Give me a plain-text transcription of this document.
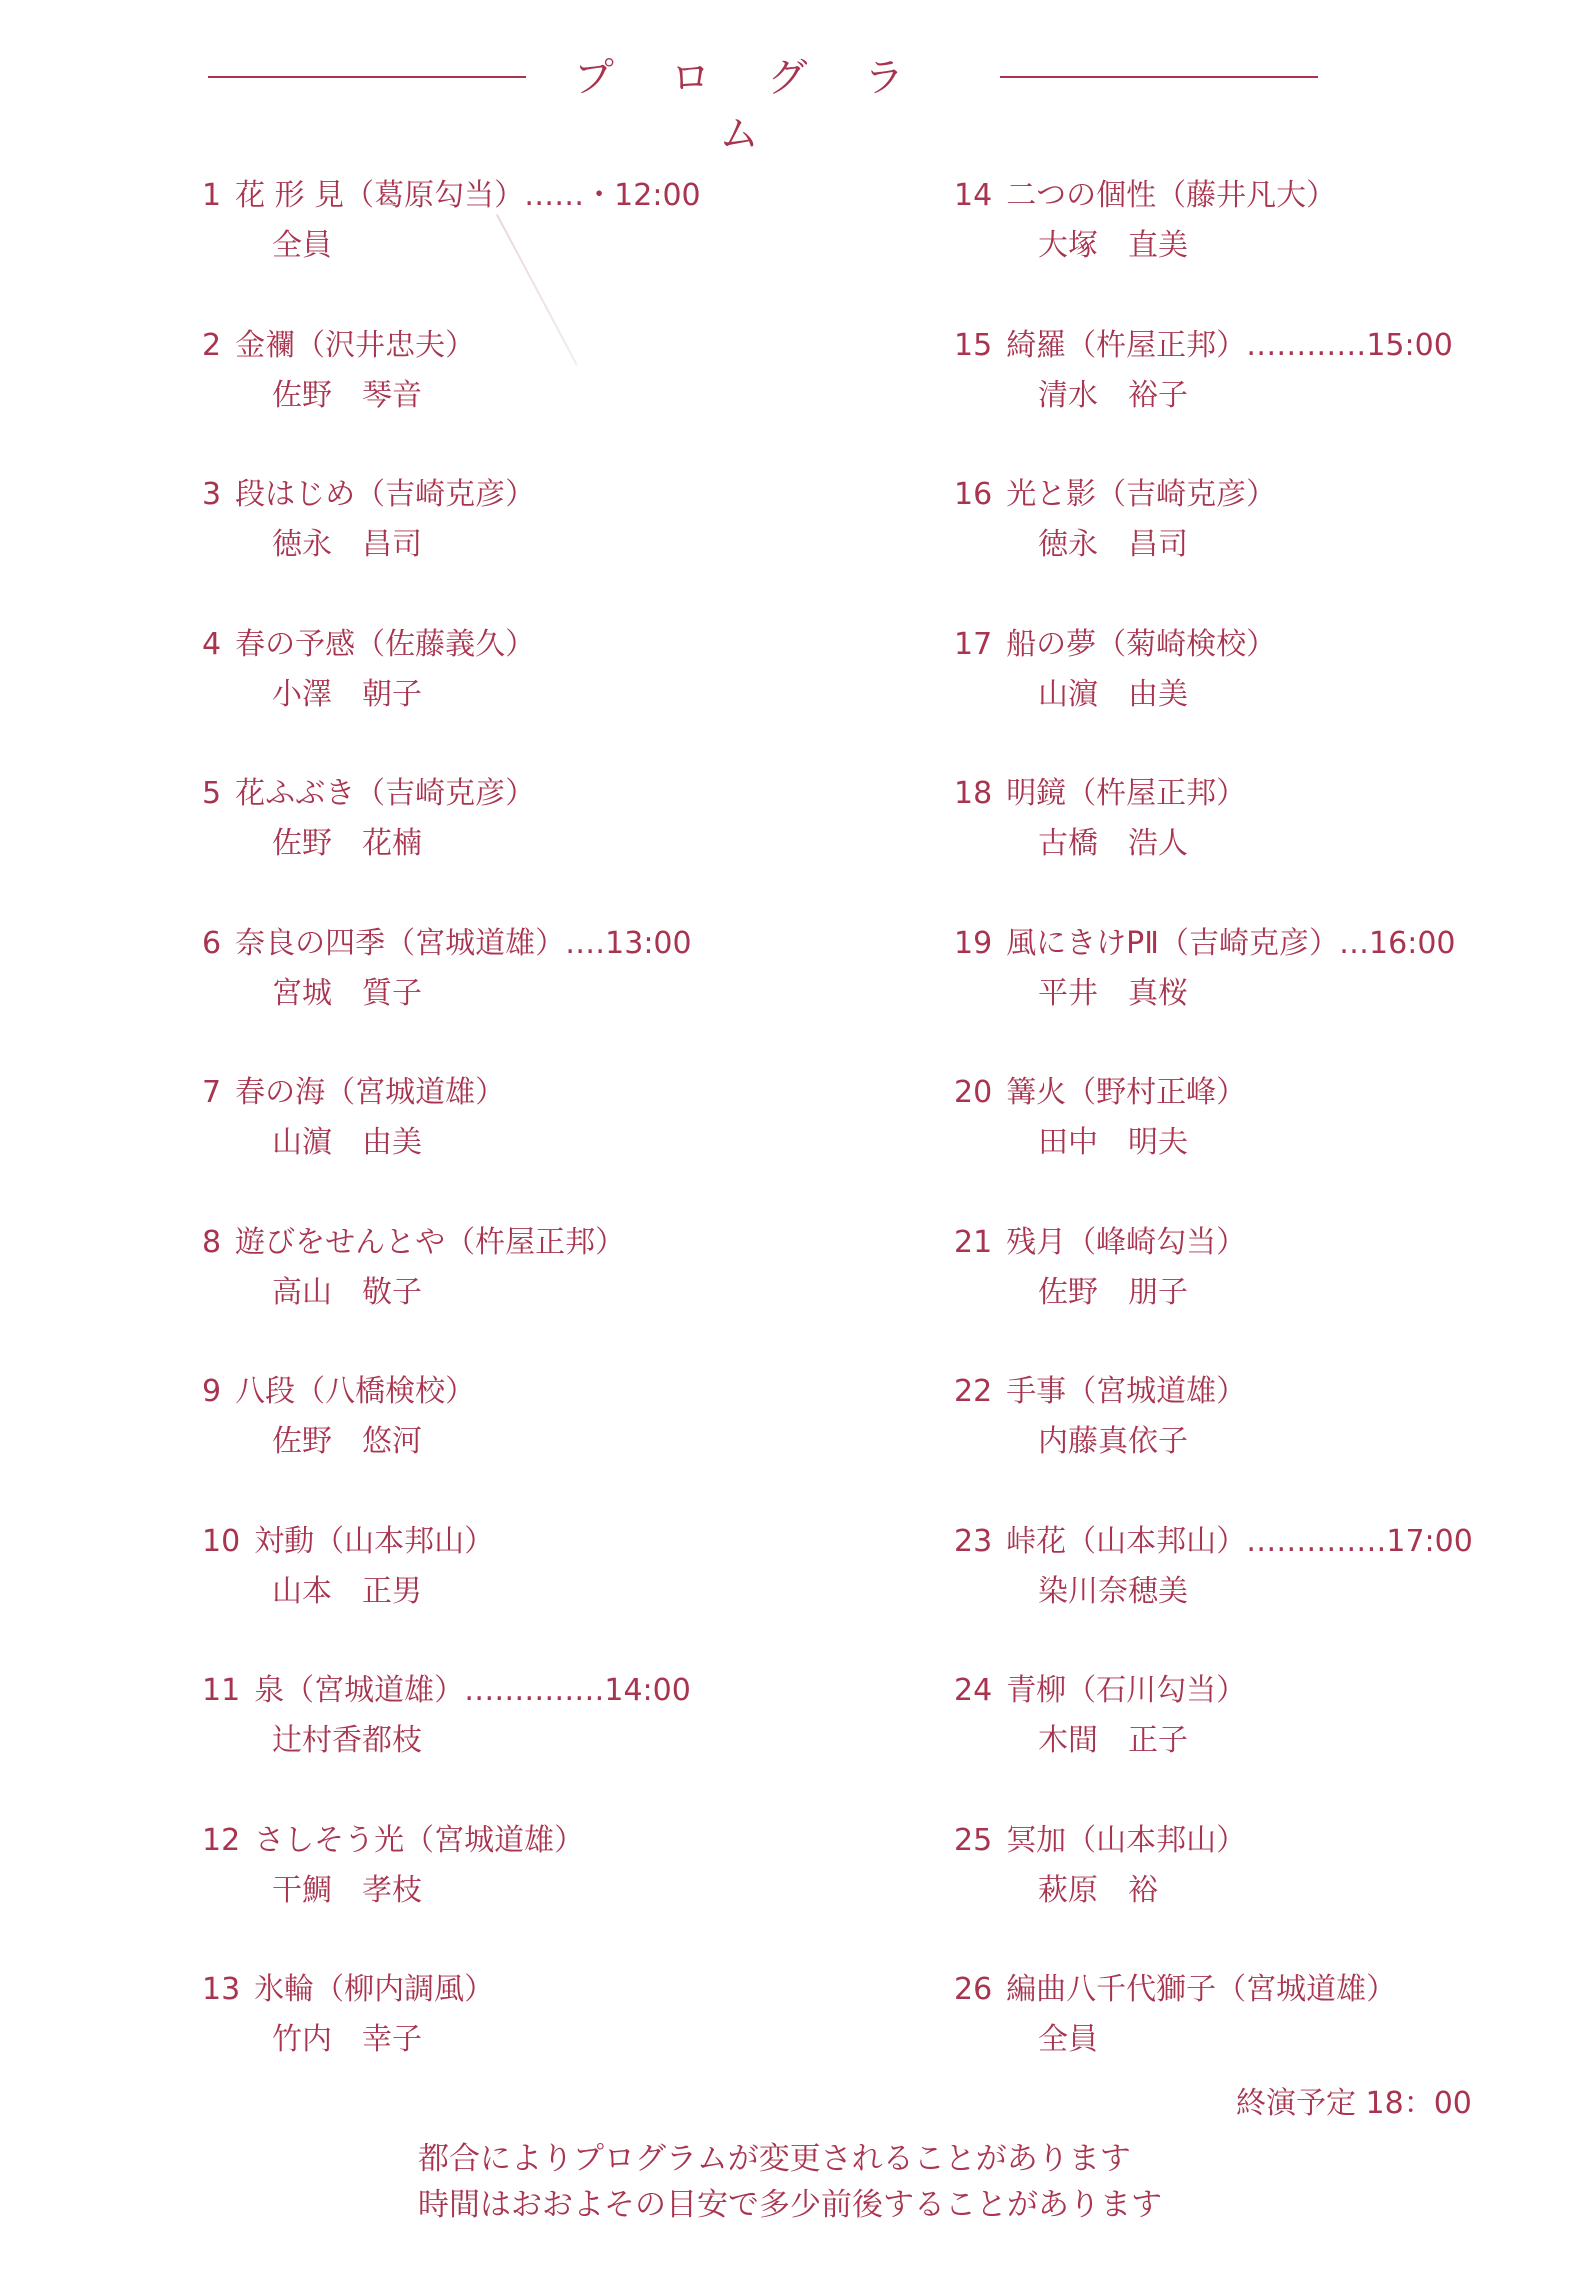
プ ロ グ ラ ム
1 花 形 見（葛原勾当）……・12:00
全員
2 金襴（沢井忠夫）
佐野　琴音
3 段はじめ（吉崎克彦）
徳永　昌司
4 春の予感（佐藤義久）
小澤　朝子
5 花ふぶき（吉崎克彦）
佐野　花楠
6 奈良の四季（宮城道雄）‥‥13:00
宮城　質子
7 春の海（宮城道雄）
山濵　由美
8 遊びをせんとや（杵屋正邦）
高山　敬子
9 八段（八橋検校）
佐野　悠河
10 対動（山本邦山）
山本　正男
11 泉（宮城道雄）‥‥‥‥‥‥‥14:00
辻村香都枝
12 さしそう光（宮城道雄）
干鯛　孝枝
13 氷輪（柳内調風）
竹内　幸子
14 二つの個性（藤井凡大）
大塚　直美
15 綺羅（杵屋正邦）‥‥‥‥‥‥15:00
清水　裕子
16 光と影（吉崎克彦）
徳永　昌司
17 船の夢（菊崎検校）
山濵　由美
18 明鏡（杵屋正邦）
古橋　浩人
19 風にきけPⅡ（吉崎克彦）…16:00
平井　真桜
20 篝火（野村正峰）
田中　明夫
21 残月（峰崎勾当）
佐野　朋子
22 手事（宮城道雄）
内藤真依子
23 峠花（山本邦山）‥‥‥‥‥‥‥17:00
染川奈穂美
24 青柳（石川勾当）
木間　正子
25 冥加（山本邦山）
萩原　裕
26 編曲八千代獅子（宮城道雄）
全員
終演予定 18：00
都合によりプログラムが変更されることがあります
時間はおおよその目安で多少前後することがあります
